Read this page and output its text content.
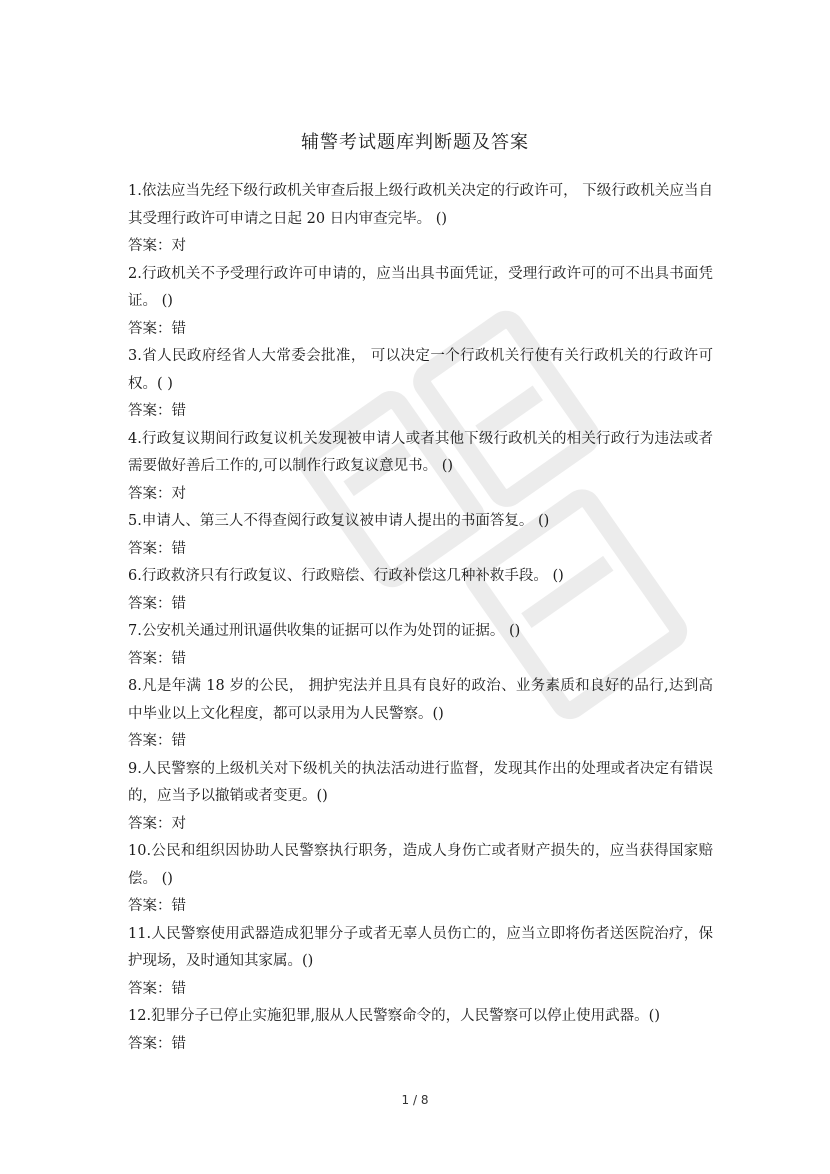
辅警考试题库判断题及答案

1.依法应当先经下级行政机关审查后报上级行政机关决定的行政许可， 下级行政机关应当自其受理行政许可申请之日起 20 日内审查完毕。 ()

答案：对

2.行政机关不予受理行政许可申请的，应当出具书面凭证，受理行政许可的可不出具书面凭证。 ()

答案：错

3.省人民政府经省人大常委会批准， 可以决定一个行政机关行使有关行政机关的行政许可权。( )

答案：错

4.行政复议期间行政复议机关发现被申请人或者其他下级行政机关的相关行政行为违法或者需要做好善后工作的,可以制作行政复议意见书。 ()

答案：对

5.申请人、第三人不得查阅行政复议被申请人提出的书面答复。 ()

答案：错

6.行政救济只有行政复议、行政赔偿、行政补偿这几种补救手段。 ()

答案：错

7.公安机关通过刑讯逼供收集的证据可以作为处罚的证据。 ()

答案：错

8.凡是年满 18 岁的公民， 拥护宪法并且具有良好的政治、业务素质和良好的品行,达到高中毕业以上文化程度，都可以录用为人民警察。()

答案：错

9.人民警察的上级机关对下级机关的执法活动进行监督，发现其作出的处理或者决定有错误的，应当予以撤销或者变更。()

答案：对

10.公民和组织因协助人民警察执行职务，造成人身伤亡或者财产损失的，应当获得国家赔偿。 ()

答案：错

11.人民警察使用武器造成犯罪分子或者无辜人员伤亡的，应当立即将伤者送医院治疗，保护现场，及时通知其家属。()

答案：错

12.犯罪分子已停止实施犯罪,服从人民警察命令的，人民警察可以停止使用武器。()

答案：错

1 / 8
